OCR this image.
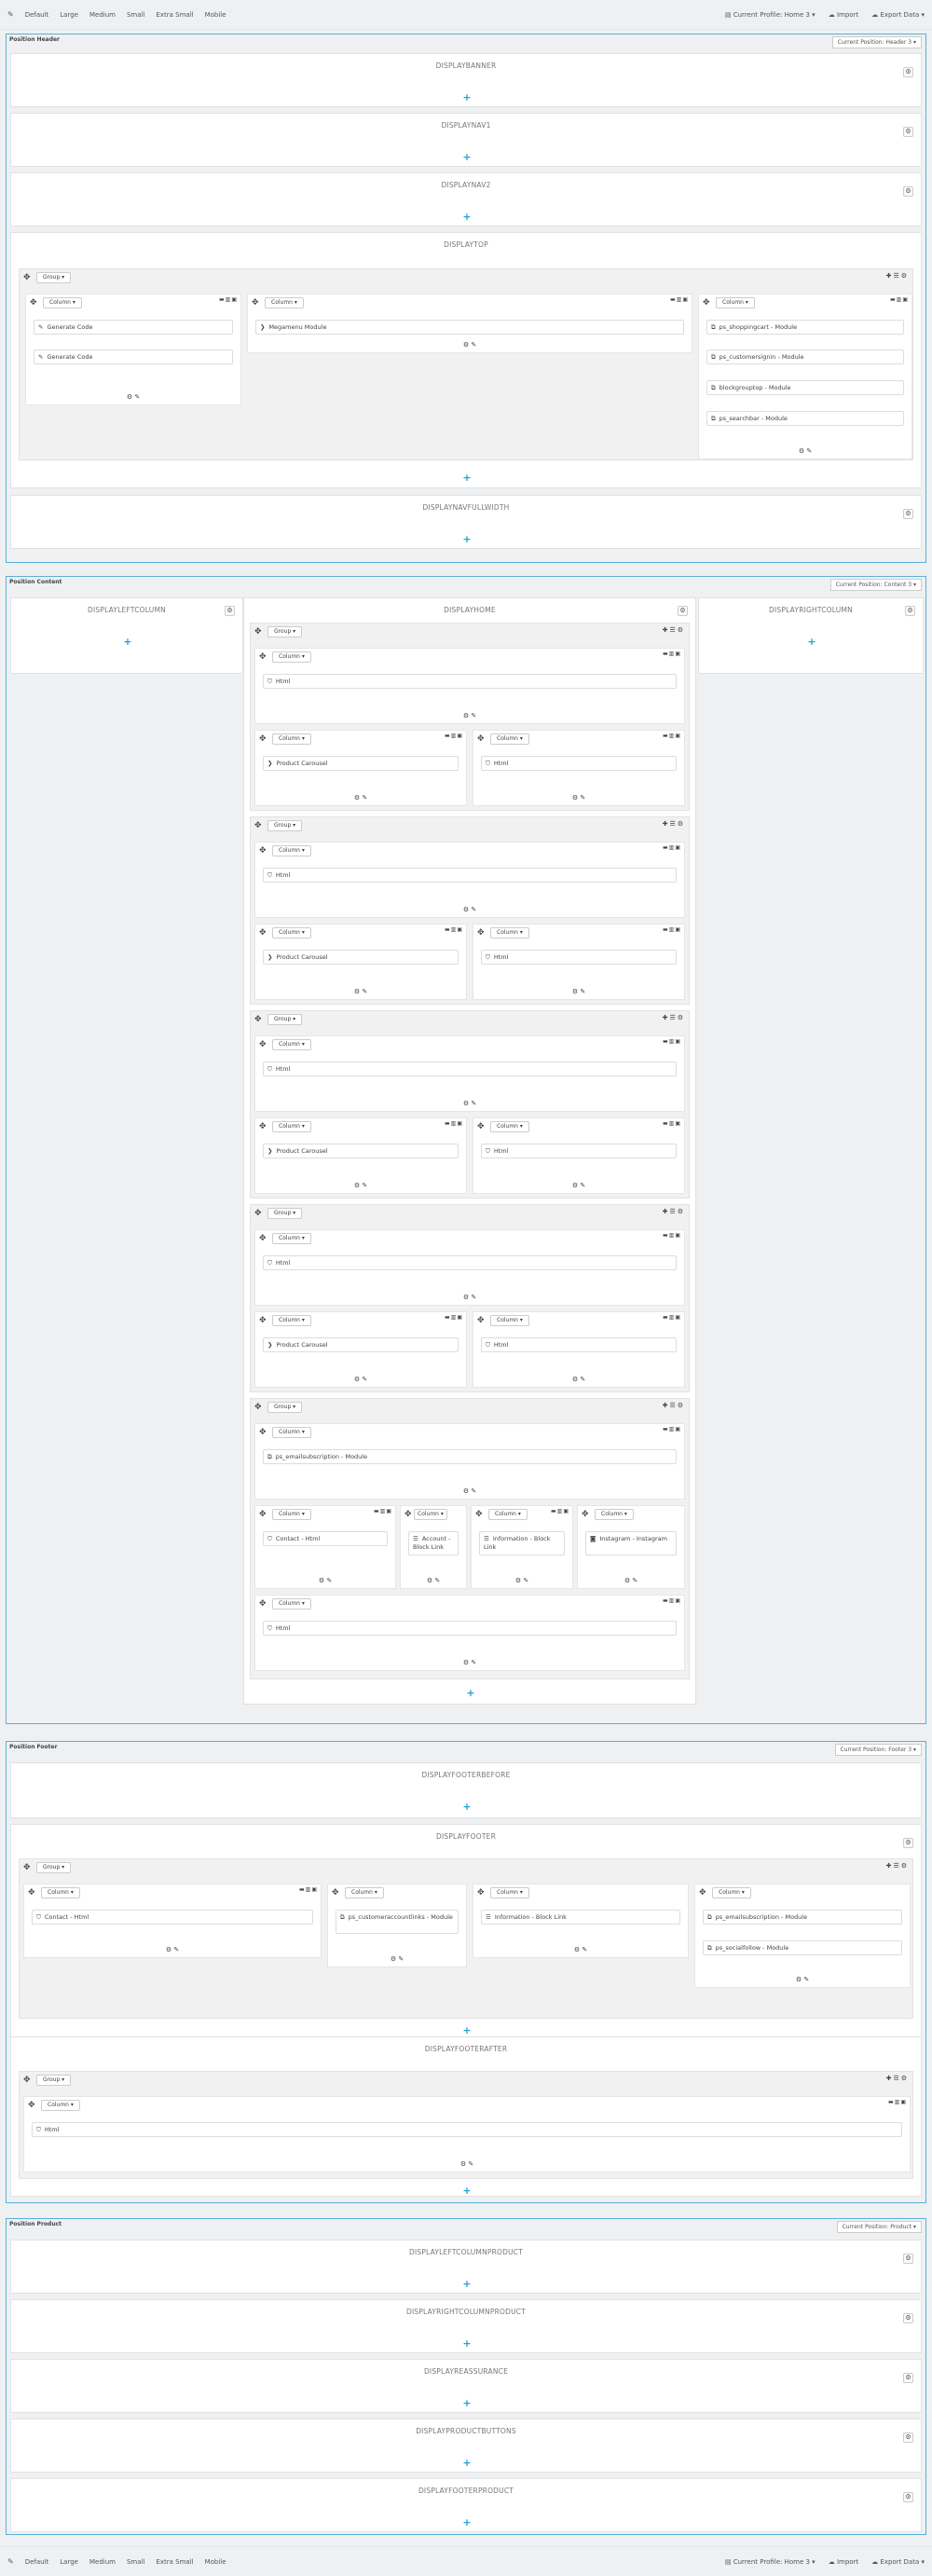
✎ Default Large Medium Small Extra Small Mobile	▤ Current Profile: Home 3 ▾ ☁ Import ☁ Export Data ▾
Position Header	Current Position: Header 3 ▾
DISPLAYBANNER
⚙
+
DISPLAYNAV1
⚙
+
DISPLAYNAV2
⚙
+
DISPLAYTOP
✥	Group ▾	✚☰⚙
✥	Column ▾	▬▥▣
✎ Generate Code
✎ Generate Code
⚙ ✎
✥	Column ▾	▬▥▣
❯ Megamenu Module
⚙ ✎
✥	Column ▾	▬▥▣
⧉ ps_shoppingcart - Module
⧉ ps_customersignin - Module
⧉ blockgrouptop - Module
⧉ ps_searchbar - Module
⚙ ✎
+
DISPLAYNAVFULLWIDTH
⚙
+
Position Content	Current Position: Content 3 ▾
DISPLAYLEFTCOLUMN	⚙
+
DISPLAYHOME	⚙
✥	Group ▾	✚☰⚙
✥	Column ▾	▬▥▣
⛉ Html
⚙ ✎
✥	Column ▾	▬▥▣
❯ Product Carousel
⚙ ✎
✥	Column ▾	▬▥▣
⛉ Html
⚙ ✎
✥	Group ▾	✚☰⚙
✥	Column ▾	▬▥▣
⛉ Html
⚙ ✎
✥	Column ▾	▬▥▣
❯ Product Carousel
⚙ ✎
✥	Column ▾	▬▥▣
⛉ Html
⚙ ✎
✥	Group ▾	✚☰⚙
✥	Column ▾	▬▥▣
⛉ Html
⚙ ✎
✥	Column ▾	▬▥▣
❯ Product Carousel
⚙ ✎
✥	Column ▾	▬▥▣
⛉ Html
⚙ ✎
✥	Group ▾	✚☰⚙
✥	Column ▾	▬▥▣
⛉ Html
⚙ ✎
✥	Column ▾	▬▥▣
❯ Product Carousel
⚙ ✎
✥	Column ▾	▬▥▣
⛉ Html
⚙ ✎
✥	Group ▾	✚☰⚙
✥	Column ▾	▬▥▣
⧉ ps_emailsubscription - Module
⚙ ✎
✥	Column ▾	▬▥▣
⛉ Contact - Html
⚙ ✎
✥	Column ▾
☰ Account - Block Link
⚙ ✎
✥	Column ▾	▬▥▣
☰ Information - Block Link
⚙ ✎
✥	Column ▾
◙ Instagram - Instagram
⚙ ✎
✥	Column ▾	▬▥▣
⛉ Html
⚙ ✎
+
DISPLAYRIGHTCOLUMN	⚙
+
Position Footer	Current Position: Footer 3 ▾
DISPLAYFOOTERBEFORE
+
DISPLAYFOOTER
⚙
✥	Group ▾	✚☰⚙
✥	Column ▾	▬▥▣
⛉ Contact - Html
⚙ ✎
✥	Column ▾
⧉ ps_customeraccountlinks - Module
⚙ ✎
✥	Column ▾
☰ Information - Block Link
⚙ ✎
✥	Column ▾
⧉ ps_emailsubscription - Module
⧉ ps_socialfollow - Module
⚙ ✎
+
DISPLAYFOOTERAFTER
✥	Group ▾	✚☰⚙
✥	Column ▾	▬▥▣
⛉ Html
⚙ ✎
+
Position Product	Current Position: Product ▾
DISPLAYLEFTCOLUMNPRODUCT
⚙
+
DISPLAYRIGHTCOLUMNPRODUCT
⚙
+
DISPLAYREASSURANCE
⚙
+
DISPLAYPRODUCTBUTTONS
⚙
+
DISPLAYFOOTERPRODUCT
⚙
+
✎ Default Large Medium Small Extra Small Mobile	▤ Current Profile: Home 3 ▾ ☁ Import ☁ Export Data ▾
